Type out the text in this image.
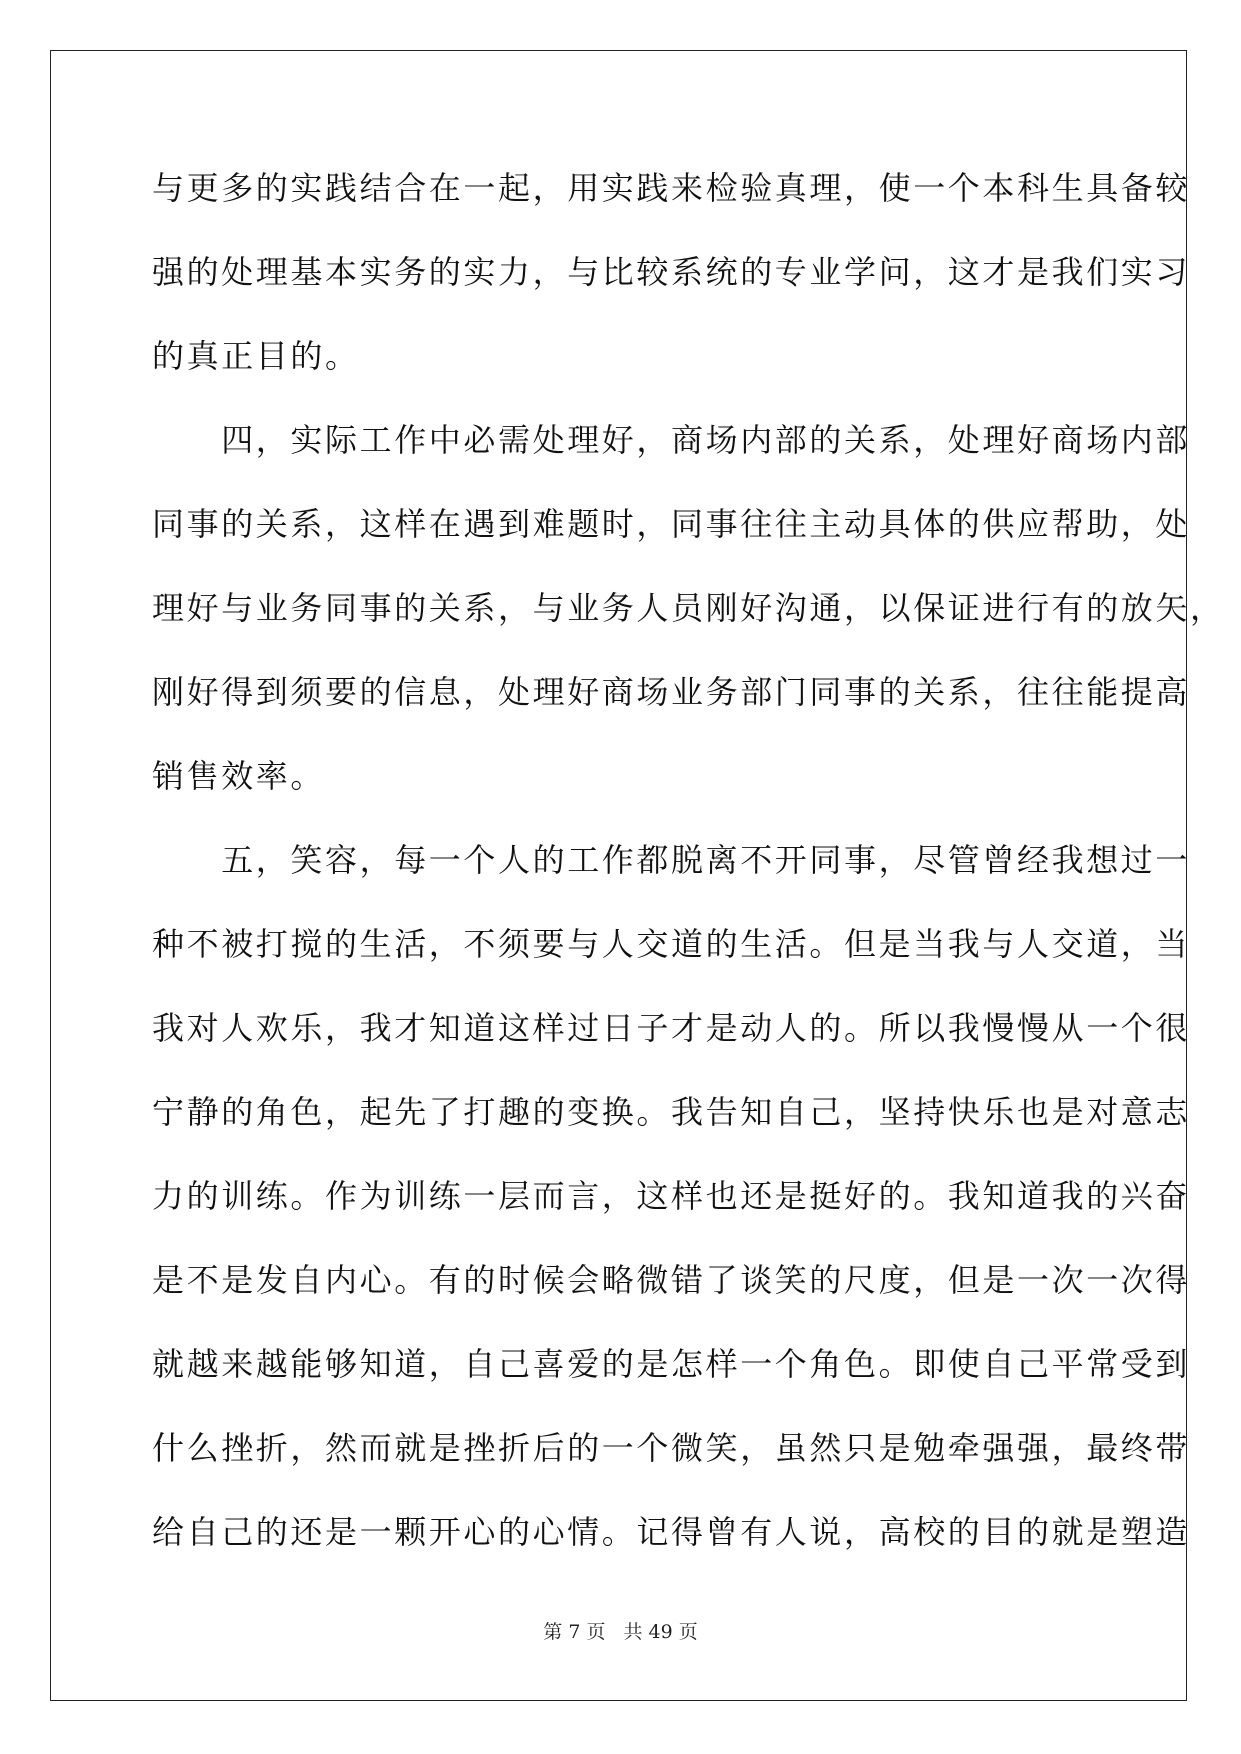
与更多的实践结合在一起，用实践来检验真理，使一个本科生具备较
强的处理基本实务的实力，与比较系统的专业学问，这才是我们实习
的真正目的。
　　四，实际工作中必需处理好，商场内部的关系，处理好商场内部
同事的关系，这样在遇到难题时，同事往往主动具体的供应帮助，处
理好与业务同事的关系，与业务人员刚好沟通，以保证进行有的放矢，
刚好得到须要的信息，处理好商场业务部门同事的关系，往往能提高
销售效率。
　　五，笑容，每一个人的工作都脱离不开同事，尽管曾经我想过一
种不被打搅的生活，不须要与人交道的生活。但是当我与人交道，当
我对人欢乐，我才知道这样过日子才是动人的。所以我慢慢从一个很
宁静的角色，起先了打趣的变换。我告知自己，坚持快乐也是对意志
力的训练。作为训练一层而言，这样也还是挺好的。我知道我的兴奋
是不是发自内心。有的时候会略微错了谈笑的尺度，但是一次一次得
就越来越能够知道，自己喜爱的是怎样一个角色。即使自己平常受到
什么挫折，然而就是挫折后的一个微笑，虽然只是勉牵强强，最终带
给自己的还是一颗开心的心情。记得曾有人说，高校的目的就是塑造
第 7 页 共 49 页
